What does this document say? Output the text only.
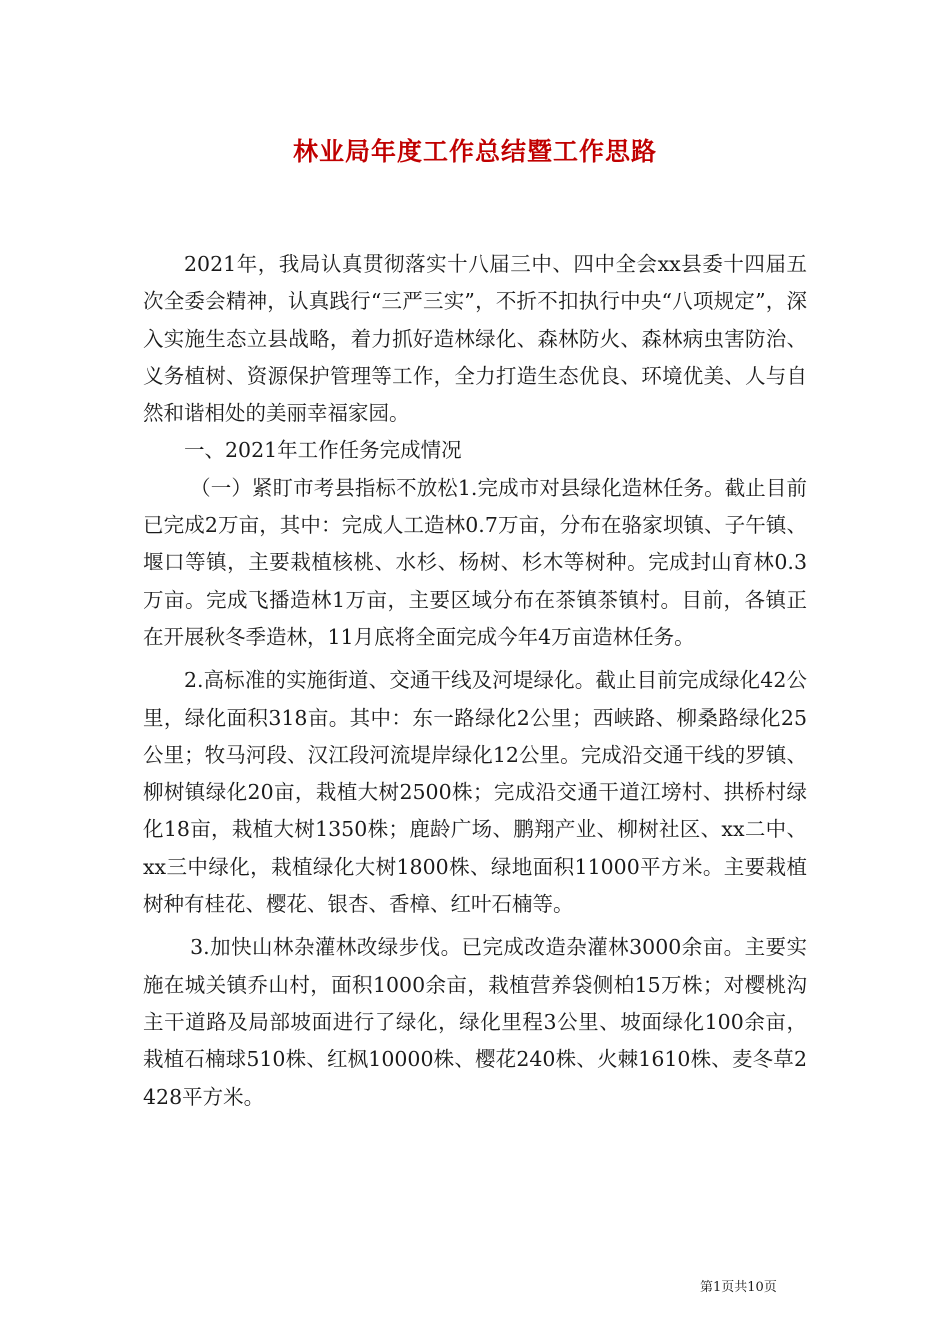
林业局年度工作总结暨工作思路

2021年，我局认真贯彻落实十八届三中、四中全会xx县委十四届五次全委会精神，认真践行“三严三实”，不折不扣执行中央“八项规定”，深入实施生态立县战略，着力抓好造林绿化、森林防火、森林病虫害防治、义务植树、资源保护管理等工作，全力打造生态优良、环境优美、人与自然和谐相处的美丽幸福家园。

一、2021年工作任务完成情况

（一）紧盯市考县指标不放松1.完成市对县绿化造林任务。截止目前已完成2万亩，其中：完成人工造林0.7万亩，分布在骆家坝镇、子午镇、堰口等镇，主要栽植核桃、水杉、杨树、杉木等树种。完成封山育林0.3万亩。完成飞播造林1万亩，主要区域分布在茶镇茶镇村。目前，各镇正在开展秋冬季造林，11月底将全面完成今年4万亩造林任务。

2.高标准的实施街道、交通干线及河堤绿化。截止目前完成绿化42公里，绿化面积318亩。其中：东一路绿化2公里；西峡路、柳桑路绿化25公里；牧马河段、汉江段河流堤岸绿化12公里。完成沿交通干线的罗镇、柳树镇绿化20亩，栽植大树2500株；完成沿交通干道江塝村、拱桥村绿化18亩，栽植大树1350株；鹿龄广场、鹏翔产业、柳树社区、xx二中、xx三中绿化，栽植绿化大树1800株、绿地面积11000平方米。主要栽植树种有桂花、樱花、银杏、香樟、红叶石楠等。

3.加快山林杂灌林改绿步伐。已完成改造杂灌林3000余亩。主要实施在城关镇乔山村，面积1000余亩，栽植营养袋侧柏15万株；对樱桃沟主干道路及局部坡面进行了绿化，绿化里程3公里、坡面绿化100余亩，栽植石楠球510株、红枫10000株、樱花240株、火棘1610株、麦冬草2428平方米。

第1页共10页
